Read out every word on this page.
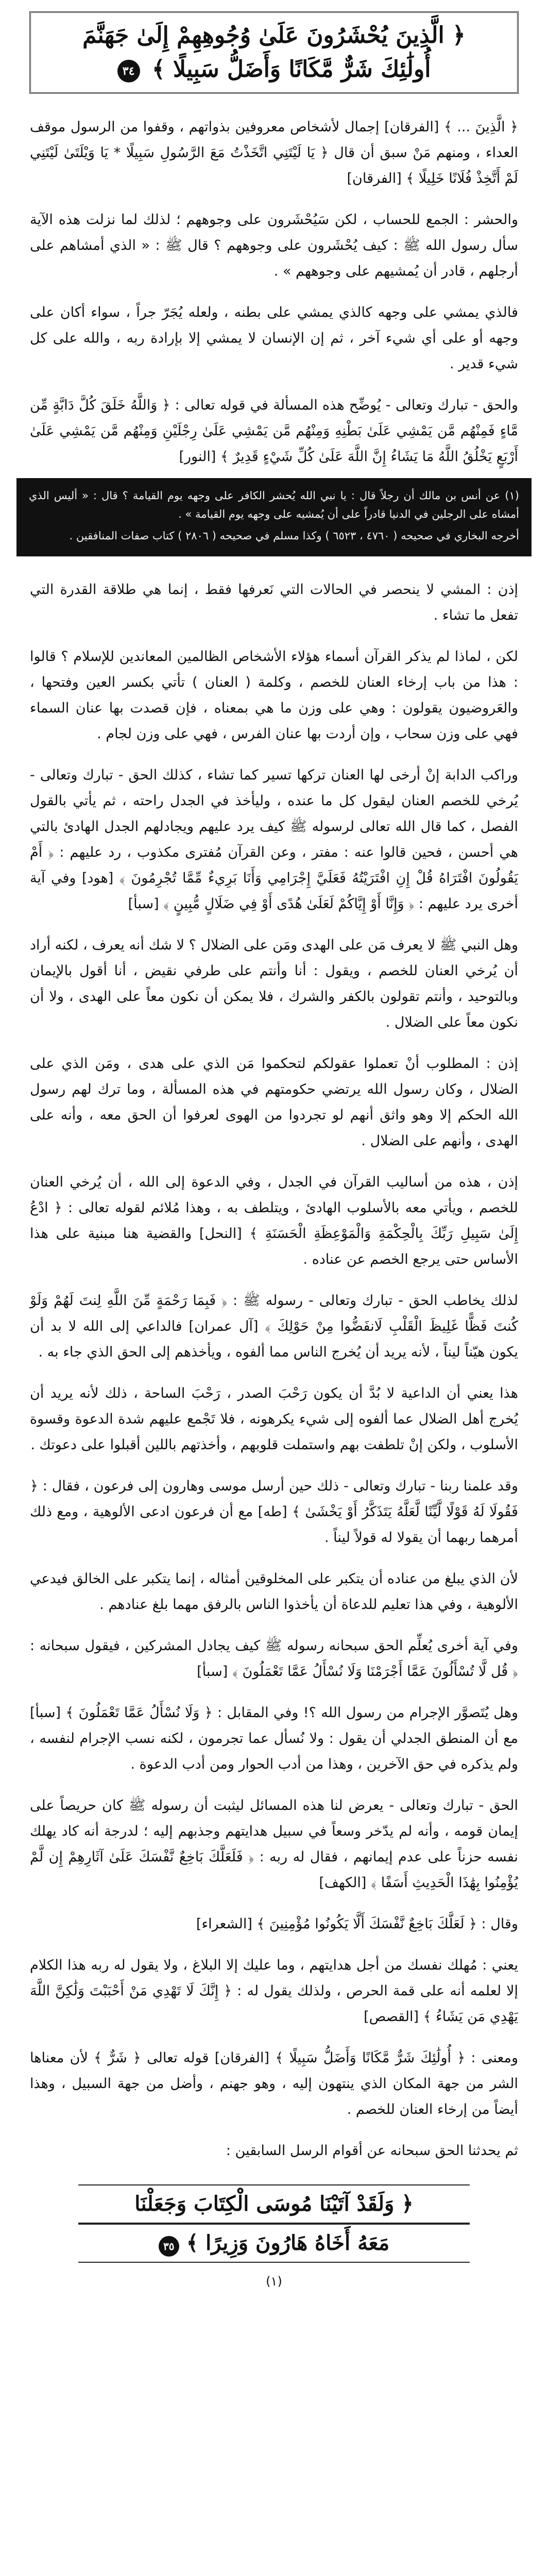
﴿ الَّذِينَ يُحْشَرُونَ عَلَىٰ وُجُوهِهِمْ إِلَىٰ جَهَنَّمَ
أُولَٰئِكَ شَرٌّ مَّكَانًا وَأَضَلُّ سَبِيلًا ﴾ ٣٤

﴿ الَّذِينَ ... ﴾ [الفرقان] إجمال لأشخاص معروفين بذواتهم ، وقفوا من الرسول موقف العداء ، ومنهم مَنْ سبق أن قال ﴿ يَا لَيْتَنِي اتَّخَذْتُ مَعَ الرَّسُولِ سَبِيلًا * يَا وَيْلَتَىٰ لَيْتَنِي لَمْ أَتَّخِذْ فُلَانًا خَلِيلًا ﴾ [الفرقان]

والحشر : الجمع للحساب ، لكن سَيُحْشَرون على وجوههم ؛ لذلك لما نزلت هذه الآية سأل رسول الله ﷺ : كيف يُحْشَرون على وجوههم ؟ قال ﷺ : « الذي أمشاهم على أرجلهم ، قادر أن يُمشيهم على وجوههم » .

فالذي يمشي على وجهه كالذي يمشي على بطنه ، ولعله يُجَرّ جراً ، سواء أكان على وجهه أو على أي شيء آخر ، ثم إن الإنسان لا يمشي إلا بإرادة ربه ، والله على كل شيء قدير .

والحق - تبارك وتعالى - يُوضِّح هذه المسألة في قوله تعالى : ﴿ وَاللَّهُ خَلَقَ كُلَّ دَابَّةٍ مِّن مَّاءٍ فَمِنْهُم مَّن يَمْشِي عَلَىٰ بَطْنِهِ وَمِنْهُم مَّن يَمْشِي عَلَىٰ رِجْلَيْنِ وَمِنْهُم مَّن يَمْشِي عَلَىٰ أَرْبَعٍ يَخْلُقُ اللَّهُ مَا يَشَاءُ إِنَّ اللَّهَ عَلَىٰ كُلِّ شَيْءٍ قَدِيرٌ ﴾ [النور]

(١) عن أنس بن مالك أن رجلاً قال : يا نبي الله يُحشر الكافر على وجهه يوم القيامة ؟ قال : « أليس الذي أمشاه على الرجلين في الدنيا قادراً على أن يُمشيه على وجهه يوم القيامة » .

أخرجه البخاري في صحيحه ( ٤٧٦٠ ، ٦٥٢٣ ) وكذا مسلم في صحيحه ( ٢٨٠٦ ) كتاب صفات المنافقين .

إذن : المشي لا ينحصر في الحالات التي نَعرفها فقط ، إنما هي طلاقة القدرة التي تفعل ما تشاء .

لكن ، لماذا لم يذكر القرآن أسماء هؤلاء الأشخاص الظالمين المعاندين للإسلام ؟ قالوا : هذا من باب إرخاء العنان للخصم ، وكلمة ( العنان ) تأتي بكسر العين وفتحها ، والعَروضيون يقولون : وهي على وزن ما هي بمعناه ، فإن قصدت بها عنان السماء فهي على وزن سحاب ، وإن أردت بها عنان الفرس ، فهي على وزن لجام .

وراكب الدابة إنْ أرخى لها العنان تركها تسير كما تشاء ، كذلك الحق - تبارك وتعالى - يُرخي للخصم العنان ليقول كل ما عنده ، وليأخذ في الجدل راحته ، ثم يأتي بالقول الفصل ، كما قال الله تعالى لرسوله ﷺ كيف يرد عليهم ويجادلهم الجدل الهادئ بالتي هي أحسن ، فحين قالوا عنه : مفتر ، وعن القرآن مُفترى مكذوب ، رد عليهم : ﴿ أَمْ يَقُولُونَ افْتَرَاهُ قُلْ إِنِ افْتَرَيْتُهُ فَعَلَيَّ إِجْرَامِي وَأَنَا بَرِيءٌ مِّمَّا تُجْرِمُونَ ﴾ [هود] وفي آية أخرى يرد عليهم : ﴿ وَإِنَّا أَوْ إِيَّاكُمْ لَعَلَىٰ هُدًى أَوْ فِي ضَلَالٍ مُّبِينٍ ﴾ [سبأ]

وهل النبي ﷺ لا يعرف مَن على الهدى ومَن على الضلال ؟ لا شك أنه يعرف ، لكنه أراد أن يُرخي العنان للخصم ، ويقول : أنا وأنتم على طرفي نقيض ، أنا أقول بالإيمان وبالتوحيد ، وأنتم تقولون بالكفر والشرك ، فلا يمكن أن نكون معاً على الهدى ، ولا أن نكون معاً على الضلال .

إذن : المطلوب أنْ تعملوا عقولكم لتحكموا مَن الذي على هدى ، ومَن الذي على الضلال ، وكان رسول الله يرتضي حكومتهم في هذه المسألة ، وما ترك لهم رسول الله الحكم إلا وهو واثق أنهم لو تجردوا من الهوى لعرفوا أن الحق معه ، وأنه على الهدى ، وأنهم على الضلال .

إذن ، هذه من أساليب القرآن في الجدل ، وفي الدعوة إلى الله ، أن يُرخي العنان للخصم ، ويأتي معه بالأسلوب الهادئ ، ويتلطف به ، وهذا مُلائم لقوله تعالى : ﴿ ادْعُ إِلَىٰ سَبِيلِ رَبِّكَ بِالْحِكْمَةِ وَالْمَوْعِظَةِ الْحَسَنَةِ ﴾ [النحل] والقضية هنا مبنية على هذا الأساس حتى يرجع الخصم عن عناده .

لذلك يخاطب الحق - تبارك وتعالى - رسوله ﷺ : ﴿ فَبِمَا رَحْمَةٍ مِّنَ اللَّهِ لِنتَ لَهُمْ وَلَوْ كُنتَ فَظًّا غَلِيظَ الْقَلْبِ لَانفَضُّوا مِنْ حَوْلِكَ ﴾ [آل عمران] فالداعي إلى الله لا بد أن يكون هيّناً ليناً ، لأنه يريد أن يُخرج الناس مما ألفوه ، ويأخذهم إلى الحق الذي جاء به .

هذا يعني أن الداعية لا بُدَّ أن يكون رَحْبَ الصدر ، رَحْبَ الساحة ، ذلك لأنه يريد أن يُخرج أهل الضلال عما ألفوه إلى شيء يكرهونه ، فلا تَجْمع عليهم شدة الدعوة وقسوة الأسلوب ، ولكن إنْ تلطفت بهم واستملت قلوبهم ، وأخذتهم باللين أقبلوا على دعوتك .

وقد علمنا ربنا - تبارك وتعالى - ذلك حين أرسل موسى وهارون إلى فرعون ، فقال : ﴿ فَقُولَا لَهُ قَوْلًا لَّيِّنًا لَّعَلَّهُ يَتَذَكَّرُ أَوْ يَخْشَىٰ ﴾ [طه] مع أن فرعون ادعى الألوهية ، ومع ذلك أمرهما ربهما أن يقولا له قولاً ليناً .

لأن الذي يبلغ من عناده أن يتكبر على المخلوقين أمثاله ، إنما يتكبر على الخالق فيدعي الألوهية ، وفي هذا تعليم للدعاة أن يأخذوا الناس بالرفق مهما بلغ عنادهم .

وفي آية أخرى يُعلِّم الحق سبحانه رسوله ﷺ كيف يجادل المشركين ، فيقول سبحانه : ﴿ قُل لَّا تُسْأَلُونَ عَمَّا أَجْرَمْنَا وَلَا نُسْأَلُ عَمَّا تَعْمَلُونَ ﴾ [سبأ]

وهل يُتَصوَّر الإجرام من رسول الله ؟! وفي المقابل : ﴿ وَلَا نُسْأَلُ عَمَّا تَعْمَلُونَ ﴾ [سبأ] مع أن المنطق الجدلي أن يقول : ولا نُسأل عما تجرمون ، لكنه نسب الإجرام لنفسه ، ولم يذكره في حق الآخرين ، وهذا من أدب الحوار ومن أدب الدعوة .

الحق - تبارك وتعالى - يعرض لنا هذه المسائل ليثبت أن رسوله ﷺ كان حريصاً على إيمان قومه ، وأنه لم يدّخر وسعاً في سبيل هدايتهم وجذبهم إليه ؛ لدرجة أنه كاد يهلك نفسه حزناً على عدم إيمانهم ، فقال له ربه : ﴿ فَلَعَلَّكَ بَاخِعٌ نَّفْسَكَ عَلَىٰ آثَارِهِمْ إِن لَّمْ يُؤْمِنُوا بِهَٰذَا الْحَدِيثِ أَسَفًا ﴾ [الكهف]

وقال : ﴿ لَعَلَّكَ بَاخِعٌ نَّفْسَكَ أَلَّا يَكُونُوا مُؤْمِنِينَ ﴾ [الشعراء]

يعني : مُهلك نفسك من أجل هدايتهم ، وما عليك إلا البلاغ ، ولا يقول له ربه هذا الكلام إلا لعلمه أنه على قمة الحرص ، ولذلك يقول له : ﴿ إِنَّكَ لَا تَهْدِي مَنْ أَحْبَبْتَ وَلَٰكِنَّ اللَّهَ يَهْدِي مَن يَشَاءُ ﴾ [القصص]

ومعنى : ﴿ أُولَٰئِكَ شَرٌّ مَّكَانًا وَأَضَلُّ سَبِيلًا ﴾ [الفرقان] قوله تعالى ﴿ شَرٌّ ﴾ لأن معناها الشر من جهة المكان الذي ينتهون إليه ، وهو جهنم ، وأضل من جهة السبيل ، وهذا أيضاً من إرخاء العنان للخصم .

ثم يحدثنا الحق سبحانه عن أقوام الرسل السابقين :

﴿ وَلَقَدْ آتَيْنَا مُوسَى الْكِتَابَ وَجَعَلْنَا
مَعَهُ أَخَاهُ هَارُونَ وَزِيرًا ﴾ ٣٥
(١)
